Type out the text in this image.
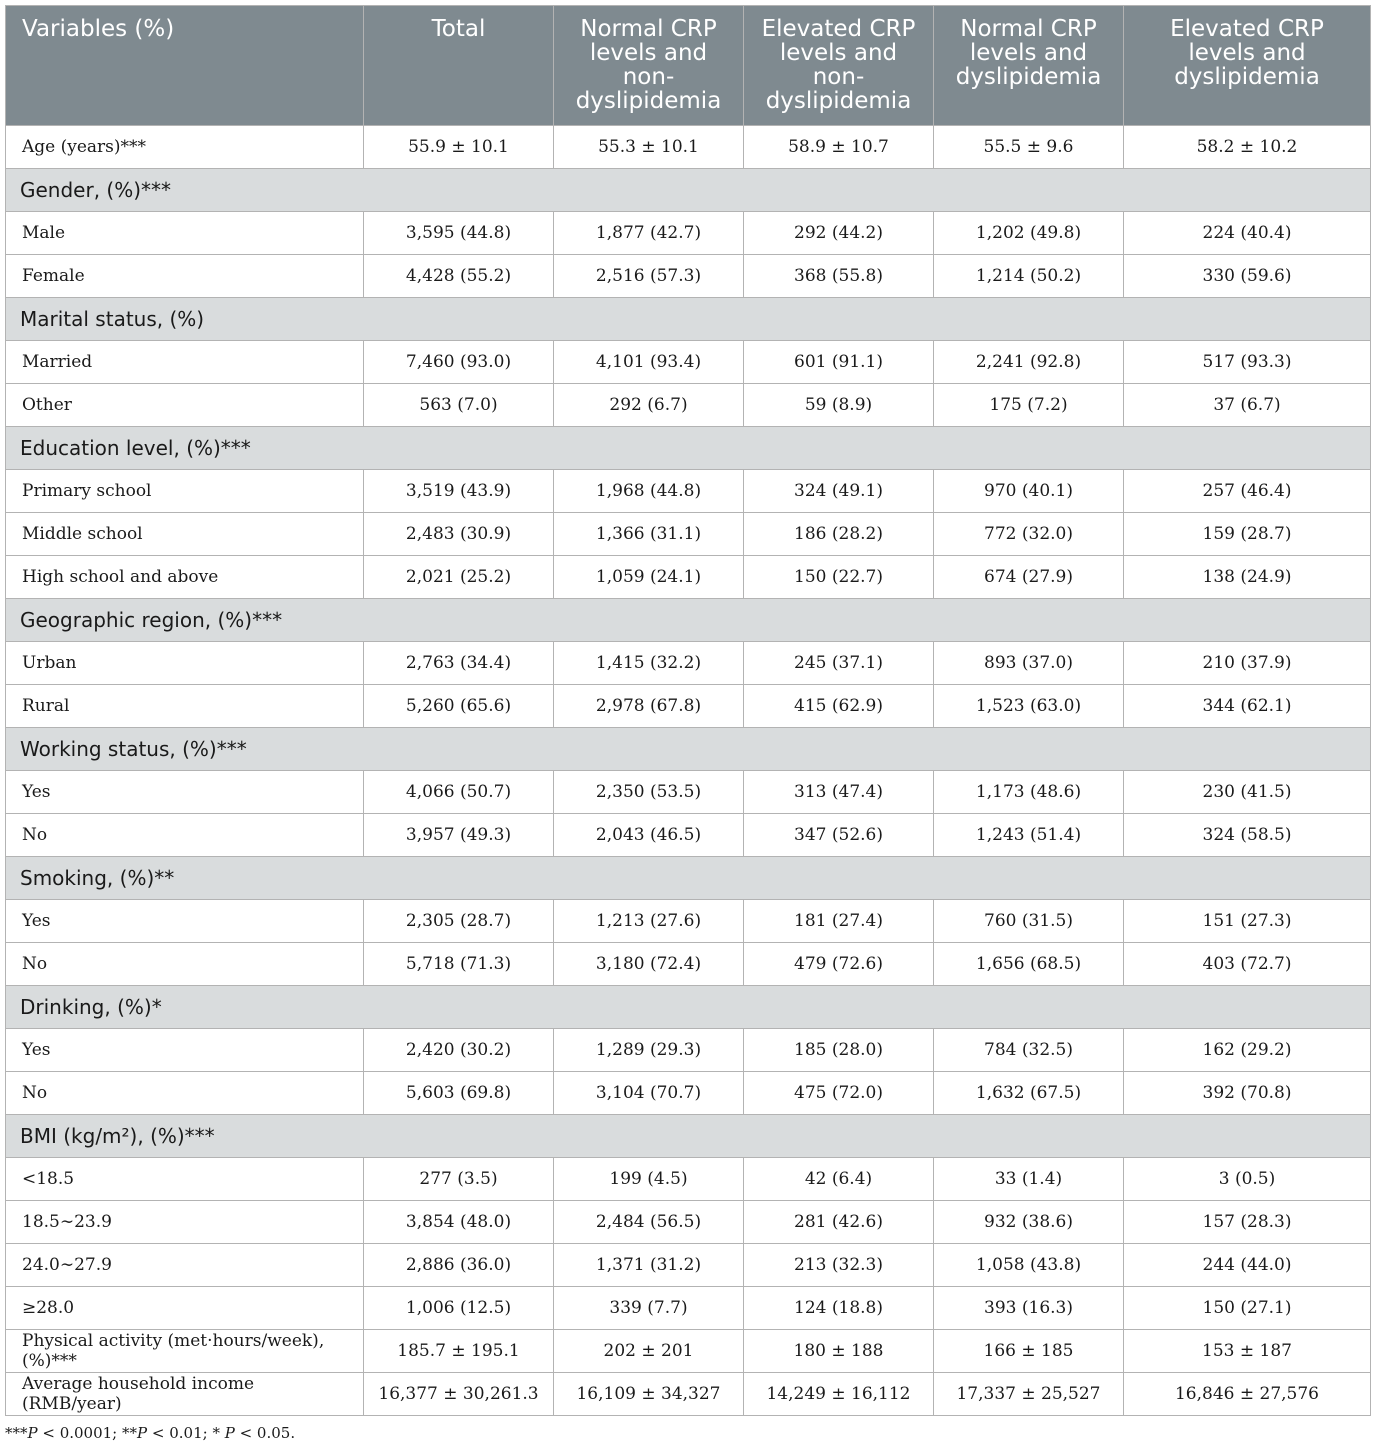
Variables (%)	Total	Normal CRP levels and non-dyslipidemia	Elevated CRP levels and non-dyslipidemia	Normal CRP levels and dyslipidemia	Elevated CRP levels and dyslipidemia
Age (years)***	55.9 ± 10.1	55.3 ± 10.1	58.9 ± 10.7	55.5 ± 9.6	58.2 ± 10.2
Gender, (%)***					
Male	3,595 (44.8)	1,877 (42.7)	292 (44.2)	1,202 (49.8)	224 (40.4)
Female	4,428 (55.2)	2,516 (57.3)	368 (55.8)	1,214 (50.2)	330 (59.6)
Marital status, (%)					
Married	7,460 (93.0)	4,101 (93.4)	601 (91.1)	2,241 (92.8)	517 (93.3)
Other	563 (7.0)	292 (6.7)	59 (8.9)	175 (7.2)	37 (6.7)
Education level, (%)***					
Primary school	3,519 (43.9)	1,968 (44.8)	324 (49.1)	970 (40.1)	257 (46.4)
Middle school	2,483 (30.9)	1,366 (31.1)	186 (28.2)	772 (32.0)	159 (28.7)
High school and above	2,021 (25.2)	1,059 (24.1)	150 (22.7)	674 (27.9)	138 (24.9)
Geographic region, (%)***					
Urban	2,763 (34.4)	1,415 (32.2)	245 (37.1)	893 (37.0)	210 (37.9)
Rural	5,260 (65.6)	2,978 (67.8)	415 (62.9)	1,523 (63.0)	344 (62.1)
Working status, (%)***					
Yes	4,066 (50.7)	2,350 (53.5)	313 (47.4)	1,173 (48.6)	230 (41.5)
No	3,957 (49.3)	2,043 (46.5)	347 (52.6)	1,243 (51.4)	324 (58.5)
Smoking, (%)**					
Yes	2,305 (28.7)	1,213 (27.6)	181 (27.4)	760 (31.5)	151 (27.3)
No	5,718 (71.3)	3,180 (72.4)	479 (72.6)	1,656 (68.5)	403 (72.7)
Drinking, (%)*					
Yes	2,420 (30.2)	1,289 (29.3)	185 (28.0)	784 (32.5)	162 (29.2)
No	5,603 (69.8)	3,104 (70.7)	475 (72.0)	1,632 (67.5)	392 (70.8)
BMI (kg/m²), (%)***					
<18.5	277 (3.5)	199 (4.5)	42 (6.4)	33 (1.4)	3 (0.5)
18.5∼23.9	3,854 (48.0)	2,484 (56.5)	281 (42.6)	932 (38.6)	157 (28.3)
24.0∼27.9	2,886 (36.0)	1,371 (31.2)	213 (32.3)	1,058 (43.8)	244 (44.0)
≥28.0	1,006 (12.5)	339 (7.7)	124 (18.8)	393 (16.3)	150 (27.1)
Physical activity (met·hours/week), (%)***	185.7 ± 195.1	202 ± 201	180 ± 188	166 ± 185	153 ± 187
Average household income (RMB/year)	16,377 ± 30,261.3	16,109 ± 34,327	14,249 ± 16,112	17,337 ± 25,527	16,846 ± 27,576
***P < 0.0001; **P < 0.01; * P < 0.05.
